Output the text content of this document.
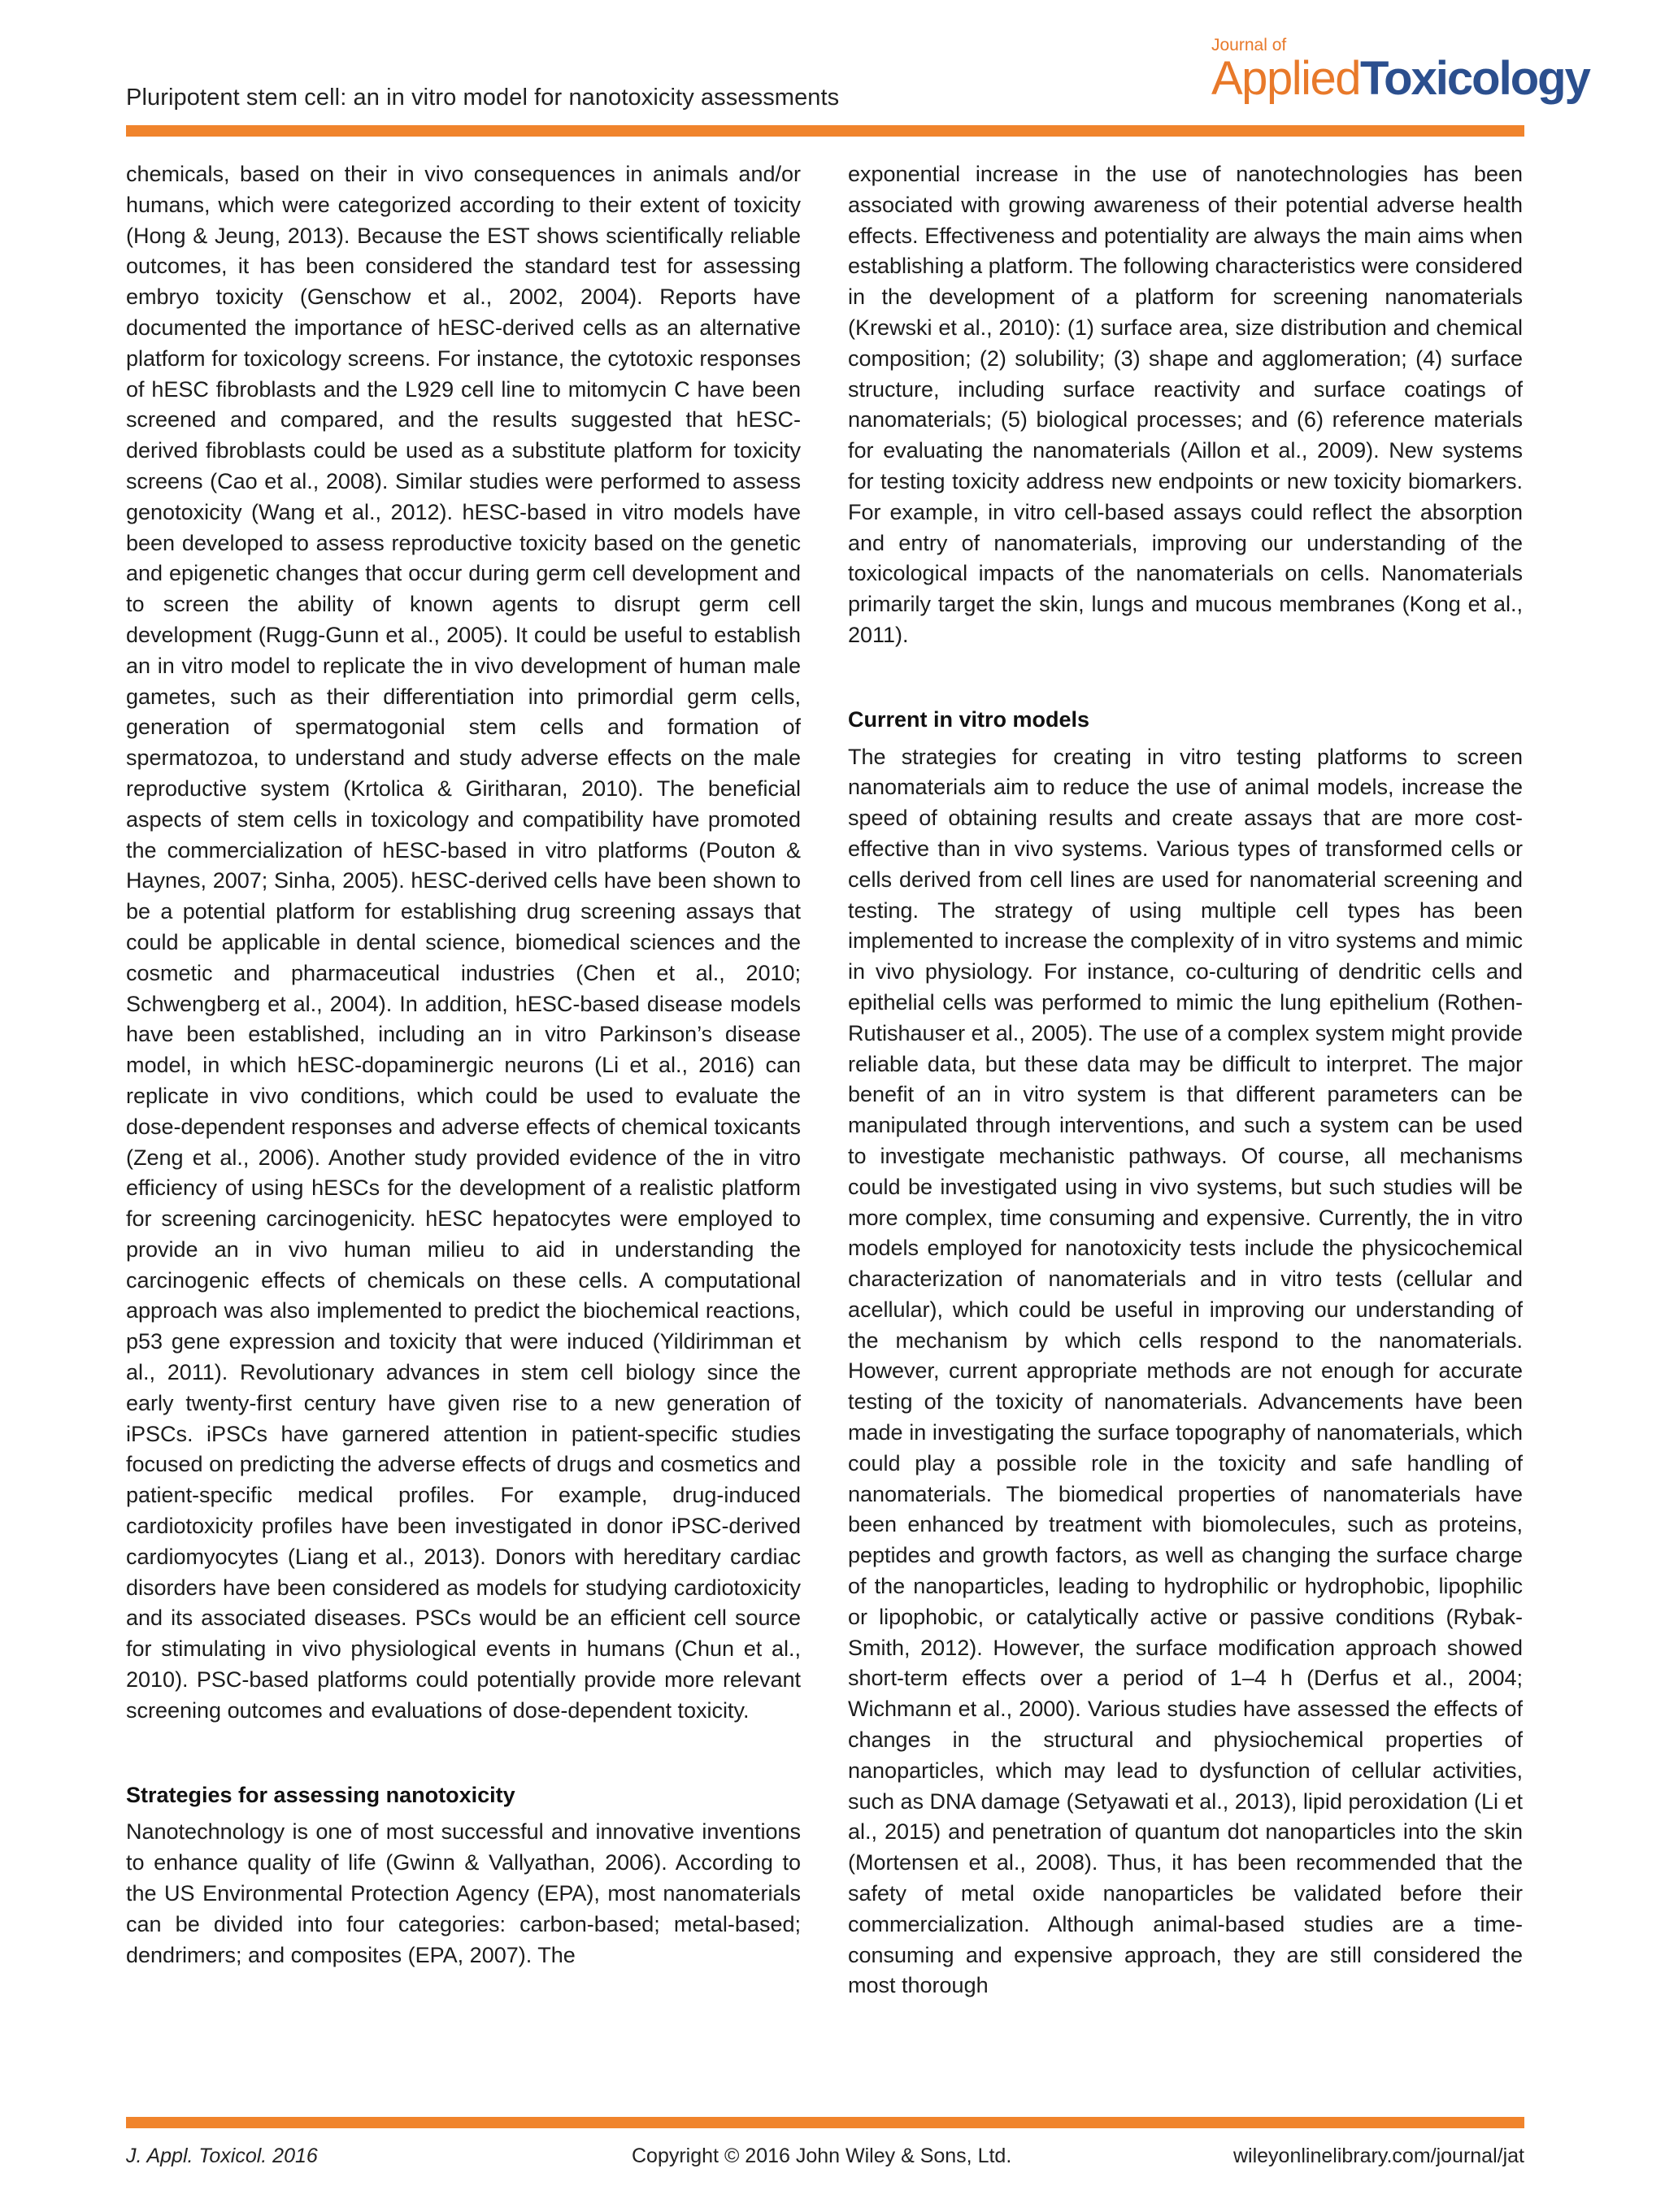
Pluripotent stem cell: an in vitro model for nanotoxicity assessments
Journal of
AppliedToxicology

chemicals, based on their in vivo consequences in animals and/or humans, which were categorized according to their extent of toxicity (Hong & Jeung, 2013). Because the EST shows scientifically reliable outcomes, it has been considered the standard test for assessing embryo toxicity (Genschow et al., 2002, 2004). Reports have documented the importance of hESC-derived cells as an alternative platform for toxicology screens. For instance, the cytotoxic responses of hESC fibroblasts and the L929 cell line to mitomycin C have been screened and compared, and the results suggested that hESC-derived fibroblasts could be used as a substitute platform for toxicity screens (Cao et al., 2008). Similar studies were performed to assess genotoxicity (Wang et al., 2012). hESC-based in vitro models have been developed to assess reproductive toxicity based on the genetic and epigenetic changes that occur during germ cell development and to screen the ability of known agents to disrupt germ cell development (Rugg-Gunn et al., 2005). It could be useful to establish an in vitro model to replicate the in vivo development of human male gametes, such as their differentiation into primordial germ cells, generation of spermatogonial stem cells and formation of spermatozoa, to understand and study adverse effects on the male reproductive system (Krtolica & Giritharan, 2010). The beneficial aspects of stem cells in toxicology and compatibility have promoted the commercialization of hESC-based in vitro platforms (Pouton & Haynes, 2007; Sinha, 2005). hESC-derived cells have been shown to be a potential platform for establishing drug screening assays that could be applicable in dental science, biomedical sciences and the cosmetic and pharmaceutical industries (Chen et al., 2010; Schwengberg et al., 2004). In addition, hESC-based disease models have been established, including an in vitro Parkinson’s disease model, in which hESC-dopaminergic neurons (Li et al., 2016) can replicate in vivo conditions, which could be used to evaluate the dose-dependent responses and adverse effects of chemical toxicants (Zeng et al., 2006). Another study provided evidence of the in vitro efficiency of using hESCs for the development of a realistic platform for screening carcinogenicity. hESC hepatocytes were employed to provide an in vivo human milieu to aid in understanding the carcinogenic effects of chemicals on these cells. A computational approach was also implemented to predict the biochemical reactions, p53 gene expression and toxicity that were induced (Yildirimman et al., 2011). Revolutionary advances in stem cell biology since the early twenty-first century have given rise to a new generation of iPSCs. iPSCs have garnered attention in patient-specific studies focused on predicting the adverse effects of drugs and cosmetics and patient-specific medical profiles. For example, drug-induced cardiotoxicity profiles have been investigated in donor iPSC-derived cardiomyocytes (Liang et al., 2013). Donors with hereditary cardiac disorders have been considered as models for studying cardiotoxicity and its associated diseases. PSCs would be an efficient cell source for stimulating in vivo physiological events in humans (Chun et al., 2010). PSC-based platforms could potentially provide more relevant screening outcomes and evaluations of dose-dependent toxicity.

Strategies for assessing nanotoxicity

Nanotechnology is one of most successful and innovative inventions to enhance quality of life (Gwinn & Vallyathan, 2006). According to the US Environmental Protection Agency (EPA), most nanomaterials can be divided into four categories: carbon-based; metal-based; dendrimers; and composites (EPA, 2007). The

exponential increase in the use of nanotechnologies has been associated with growing awareness of their potential adverse health effects. Effectiveness and potentiality are always the main aims when establishing a platform. The following characteristics were considered in the development of a platform for screening nanomaterials (Krewski et al., 2010): (1) surface area, size distribution and chemical composition; (2) solubility; (3) shape and agglomeration; (4) surface structure, including surface reactivity and surface coatings of nanomaterials; (5) biological processes; and (6) reference materials for evaluating the nanomaterials (Aillon et al., 2009). New systems for testing toxicity address new endpoints or new toxicity biomarkers. For example, in vitro cell-based assays could reflect the absorption and entry of nanomaterials, improving our understanding of the toxicological impacts of the nanomaterials on cells. Nanomaterials primarily target the skin, lungs and mucous membranes (Kong et al., 2011).

Current in vitro models

The strategies for creating in vitro testing platforms to screen nanomaterials aim to reduce the use of animal models, increase the speed of obtaining results and create assays that are more cost-effective than in vivo systems. Various types of transformed cells or cells derived from cell lines are used for nanomaterial screening and testing. The strategy of using multiple cell types has been implemented to increase the complexity of in vitro systems and mimic in vivo physiology. For instance, co-culturing of dendritic cells and epithelial cells was performed to mimic the lung epithelium (Rothen-Rutishauser et al., 2005). The use of a complex system might provide reliable data, but these data may be difficult to interpret. The major benefit of an in vitro system is that different parameters can be manipulated through interventions, and such a system can be used to investigate mechanistic pathways. Of course, all mechanisms could be investigated using in vivo systems, but such studies will be more complex, time consuming and expensive. Currently, the in vitro models employed for nanotoxicity tests include the physicochemical characterization of nanomaterials and in vitro tests (cellular and acellular), which could be useful in improving our understanding of the mechanism by which cells respond to the nanomaterials. However, current appropriate methods are not enough for accurate testing of the toxicity of nanomaterials. Advancements have been made in investigating the surface topography of nanomaterials, which could play a possible role in the toxicity and safe handling of nanomaterials. The biomedical properties of nanomaterials have been enhanced by treatment with biomolecules, such as proteins, peptides and growth factors, as well as changing the surface charge of the nanoparticles, leading to hydrophilic or hydrophobic, lipophilic or lipophobic, or catalytically active or passive conditions (Rybak-Smith, 2012). However, the surface modification approach showed short-term effects over a period of 1–4 h (Derfus et al., 2004; Wichmann et al., 2000). Various studies have assessed the effects of changes in the structural and physiochemical properties of nanoparticles, which may lead to dysfunction of cellular activities, such as DNA damage (Setyawati et al., 2013), lipid peroxidation (Li et al., 2015) and penetration of quantum dot nanoparticles into the skin (Mortensen et al., 2008). Thus, it has been recommended that the safety of metal oxide nanoparticles be validated before their commercialization. Although animal-based studies are a time-consuming and expensive approach, they are still considered the most thorough

J. Appl. Toxicol. 2016	Copyright © 2016 John Wiley & Sons, Ltd.	wileyonlinelibrary.com/journal/jat
